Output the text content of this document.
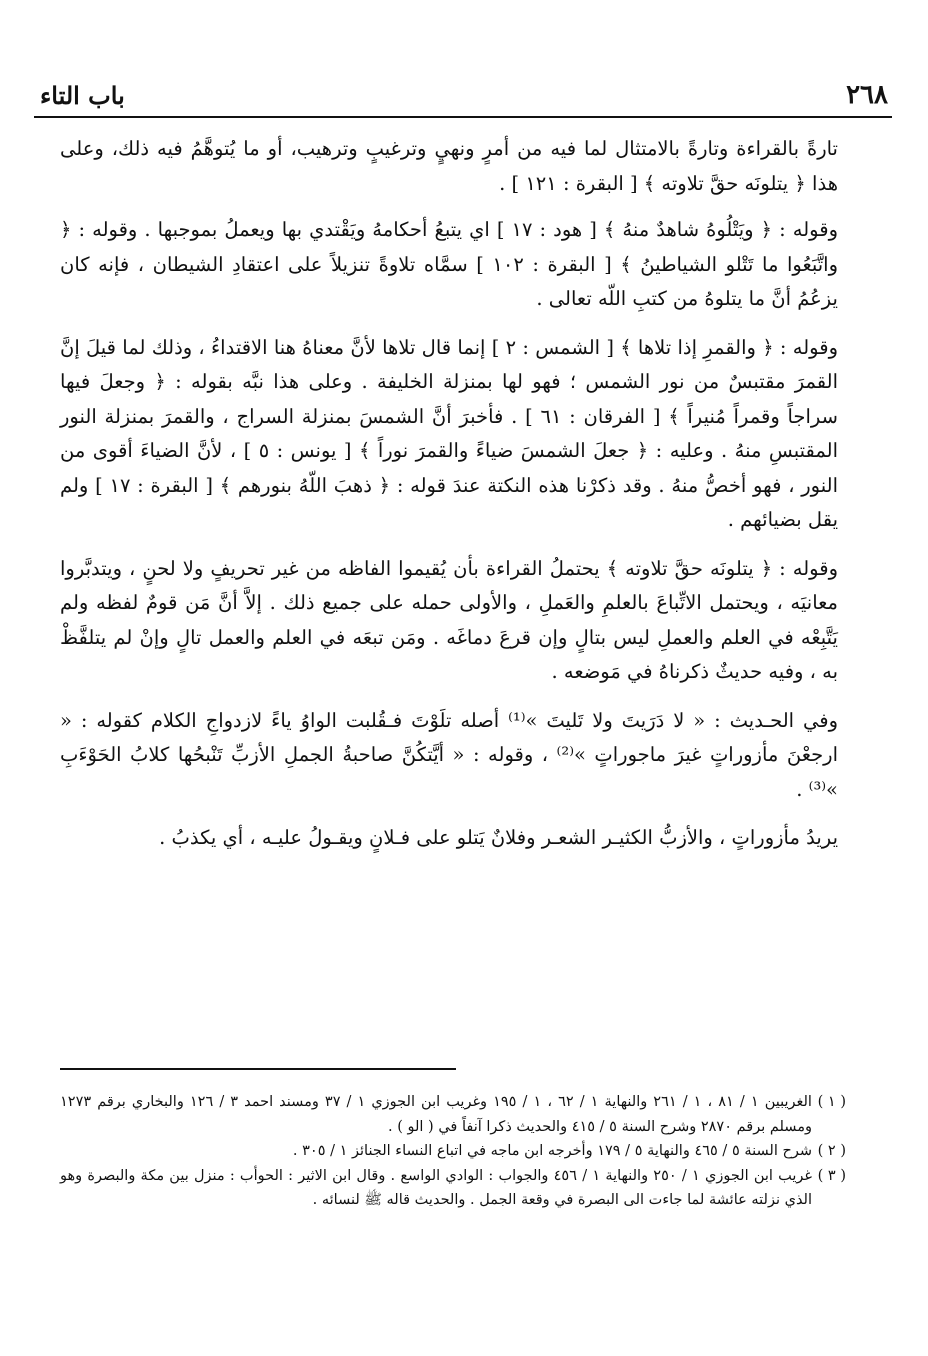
٢٦٨
باب التاء

تارةً بالقراءة وتارةً بالامتثال لما فيه من أمرٍ ونهيٍ وترغيبٍ وترهيب، أو ما يُتوهَّمُ فيه ذلك، وعلى هذا ﴿ يتلونَه حقَّ تلاوته ﴾ [ البقرة : ١٢١ ] .

وقوله : ﴿ ويَتْلُوهُ شاهدٌ منهُ ﴾ [ هود : ١٧ ] اي يتبعُ أحكامهُ ويَقْتدي بها ويعملُ بموجبها . وقوله : ﴿ واتَّبَعُوا ما تَتْلو الشياطينُ ﴾ [ البقرة : ١٠٢ ] سمَّاه تلاوةً تنزيلاً على اعتقادِ الشيطان ، فإنه كان يزعُمُ أنَّ ما يتلوهُ من كتبِ اللّه تعالى .

وقوله : ﴿ والقمرِ إذا تلاها ﴾ [ الشمس : ٢ ] إنما قال تلاها لأنَّ معناهُ هنا الاقتداءُ ، وذلك لما قيلَ إنَّ القمرَ مقتبسٌ من نور الشمس ؛ فهو لها بمنزلة الخليفة . وعلى هذا نبَّه بقوله : ﴿ وجعلَ فيها سراجاً وقمراً مُنيراً ﴾ [ الفرقان : ٦١ ] . فأخبرَ أنَّ الشمسَ بمنزلة السراج ، والقمرَ بمنزلة النور المقتبسِ منهُ . وعليه : ﴿ جعلَ الشمسَ ضياءً والقمرَ نوراً ﴾ [ يونس : ٥ ] ، لأنَّ الضياءَ أقوى من النور ، فهو أخصُّ منهُ . وقد ذكرْنا هذه النكتة عندَ قوله : ﴿ ذهبَ اللّهُ بنورهم ﴾ [ البقرة : ١٧ ] ولم يقل بضيائهم .

وقوله : ﴿ يتلونَه حقَّ تلاوته ﴾ يحتملُ القراءة بأن يُقيموا الفاظه من غير تحريفٍ ولا لحنٍ ، ويتدبَّروا معانيَه ، ويحتمل الاتِّباعَ بالعلمِ والعَملِ ، والأولى حمله على جميع ذلك . إلاَّ أنَّ مَن قومٌ لفظه ولم يَتَّبِعْه في العلم والعملِ ليس بتالٍ وإن قرعَ دماغَه . ومَن تبعَه في العلم والعمل تالٍ وإنْ لم يتلفَّظْ به ، وفيه حديثٌ ذكرناهُ في مَوضعه .

وفي الحـديث : « لا دَرَيتَ ولا تَليتَ »⁽¹⁾ أصله تلَوْتَ فـقُلبت الواوُ ياءً لازدواجِ الكلام كقوله : « ارجعْنَ مأزوراتٍ غيرَ ماجوراتٍ »⁽²⁾ ، وقوله : « أيَّتكُنَّ صاحبةُ الجملِ الأزبِّ تَنْبحُها كلابُ الحَوْءَبِ »⁽³⁾ .

يريدُ مأزوراتٍ ، والأزبُّ الكثيـر الشعـر وفلانٌ يَتلو على فـلانٍ ويقـولُ عليـه ، أي يكذبُ .

( ١ )
الغريبين ١ / ٨١ ، ١ / ٢٦١ والنهاية ١ / ٦٢ ، ١ / ١٩٥ وغريب ابن الجوزي ١ / ٣٧ ومسند احمد ٣ / ١٢٦ والبخاري برقم ١٢٧٣ ومسلم برقم ٢٨٧٠ وشرح السنة ٥ / ٤١٥ والحديث ذكرا آنفاً في ( الو ) .
( ٢ )
شرح السنة ٥ / ٤٦٥ والنهاية ٥ / ١٧٩ وأخرجه ابن ماجه في اتباع النساء الجنائز ١ / ٣٠٥ .
( ٣ )
غريب ابن الجوزي ١ / ٢٥٠ والنهاية ١ / ٤٥٦ والجواب : الوادي الواسع . وقال ابن الاثير : الحوأب : منزل بين مكة والبصرة وهو الذي نزلته عائشة لما جاءت الى البصرة في وقعة الجمل . والحديث قاله ﷺ لنسائه .
